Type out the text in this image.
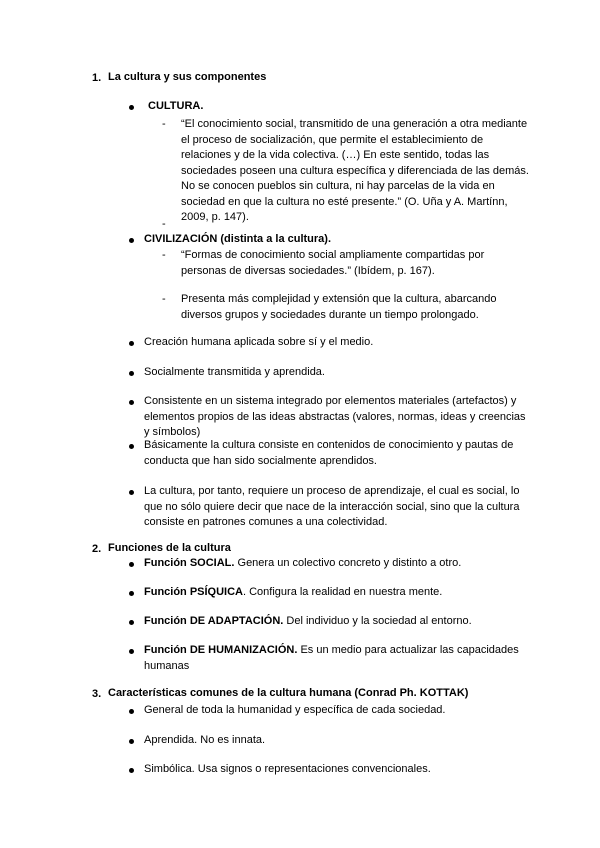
1. La cultura y sus componentes
CULTURA.
- “El conocimiento social, transmitido de una generación a otra mediante el proceso de socialización, que permite el establecimiento de relaciones y de la vida colectiva. (…) En este sentido, todas las sociedades poseen una cultura específica y diferenciada de las demás. No se conocen pueblos sin cultura, ni hay parcelas de la vida en sociedad en que la cultura no esté presente.” (O. Uña y A. Martínn, 2009, p. 147).
-
CIVILIZACIÓN (distinta a la cultura).
- “Formas de conocimiento social ampliamente compartidas por personas de diversas sociedades.” (Ibídem, p. 167).
- Presenta más complejidad y extensión que la cultura, abarcando diversos grupos y sociedades durante un tiempo prolongado.
Creación humana aplicada sobre sí y el medio.
Socialmente transmitida y aprendida.
Consistente en un sistema integrado por elementos materiales (artefactos) y elementos propios de las ideas abstractas (valores, normas, ideas y creencias y símbolos)
Básicamente la cultura consiste en contenidos de conocimiento y pautas de conducta que han sido socialmente aprendidos.
La cultura, por tanto, requiere un proceso de aprendizaje, el cual es social, lo que no sólo quiere decir que nace de la interacción social, sino que la cultura consiste en patrones comunes a una colectividad.
2. Funciones de la cultura
Función SOCIAL. Genera un colectivo concreto y distinto a otro.
Función PSÍQUICA. Configura la realidad en nuestra mente.
Función DE ADAPTACIÓN. Del individuo y la sociedad al entorno.
Función DE HUMANIZACIÓN. Es un medio para actualizar las capacidades humanas
3. Características comunes de la cultura humana (Conrad Ph. KOTTAK)
General de toda la humanidad y específica de cada sociedad.
Aprendida. No es innata.
Simbólica. Usa signos o representaciones convencionales.
